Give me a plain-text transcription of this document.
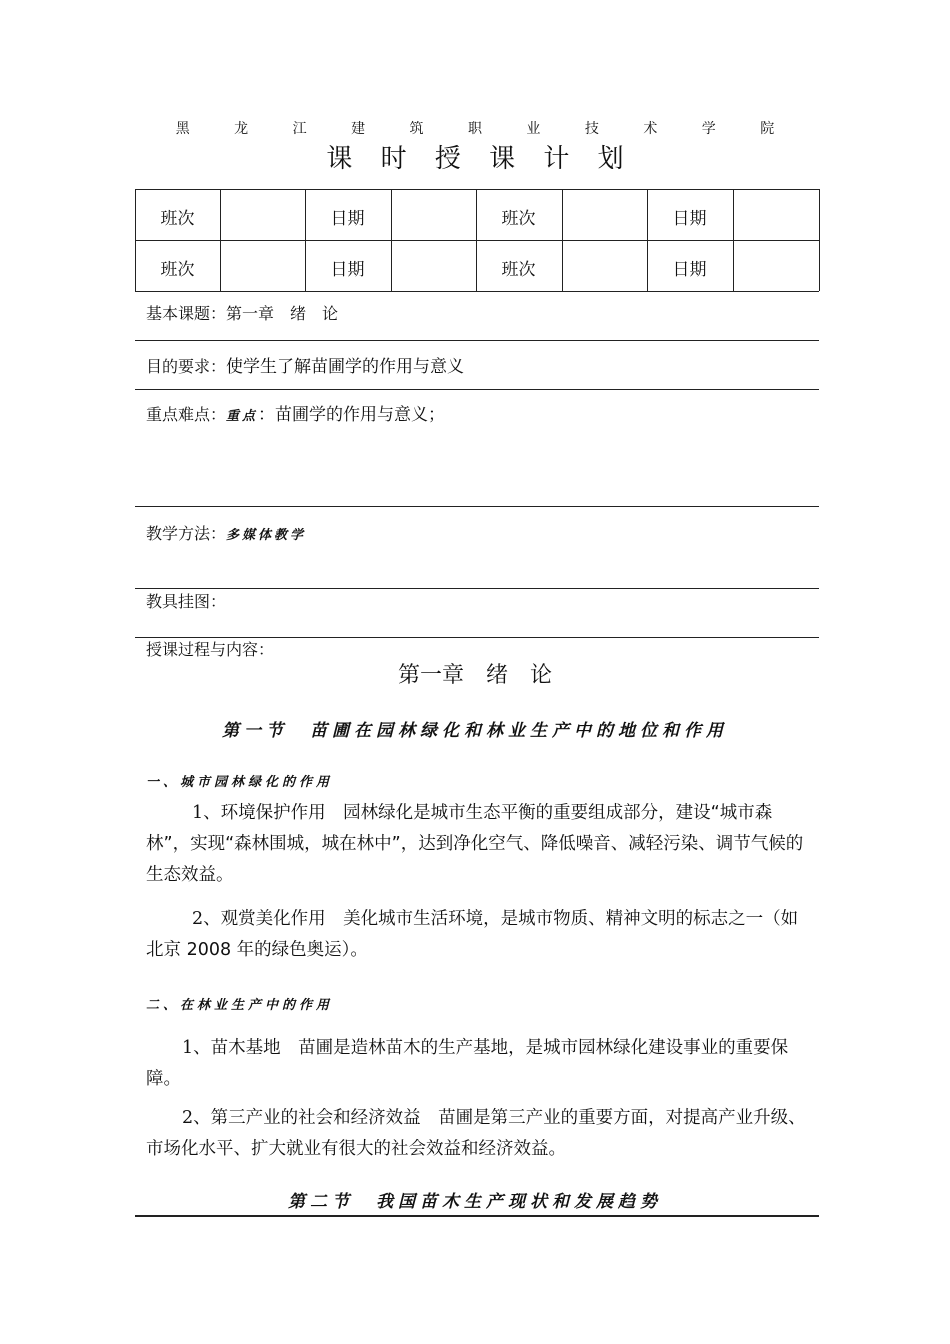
黑 龙 江 建 筑 职 业 技 术 学 院
课 时 授 课 计 划
班次	日期	班次	日期
班次	日期	班次	日期
基本课题：第一章　绪　论
目的要求：使学生了解苗圃学的作用与意义
重点难点：重点：苗圃学的作用与意义；
教学方法：多媒体教学
教具挂图：
授课过程与内容：
第一章　绪　论
第一节　苗圃在园林绿化和林业生产中的地位和作用
一、城市园林绿化的作用
1、环境保护作用　园林绿化是城市生态平衡的重要组成部分，建设“城市森林”，实现“森林围城，城在林中”，达到净化空气、降低噪音、减轻污染、调节气候的生态效益。
2、观赏美化作用　美化城市生活环境，是城市物质、精神文明的标志之一（如北京 2008 年的绿色奥运）。
二、在林业生产中的作用
1、苗木基地　苗圃是造林苗木的生产基地，是城市园林绿化建设事业的重要保障。
2、第三产业的社会和经济效益　苗圃是第三产业的重要方面，对提高产业升级、市场化水平、扩大就业有很大的社会效益和经济效益。
第二节　我国苗木生产现状和发展趋势
